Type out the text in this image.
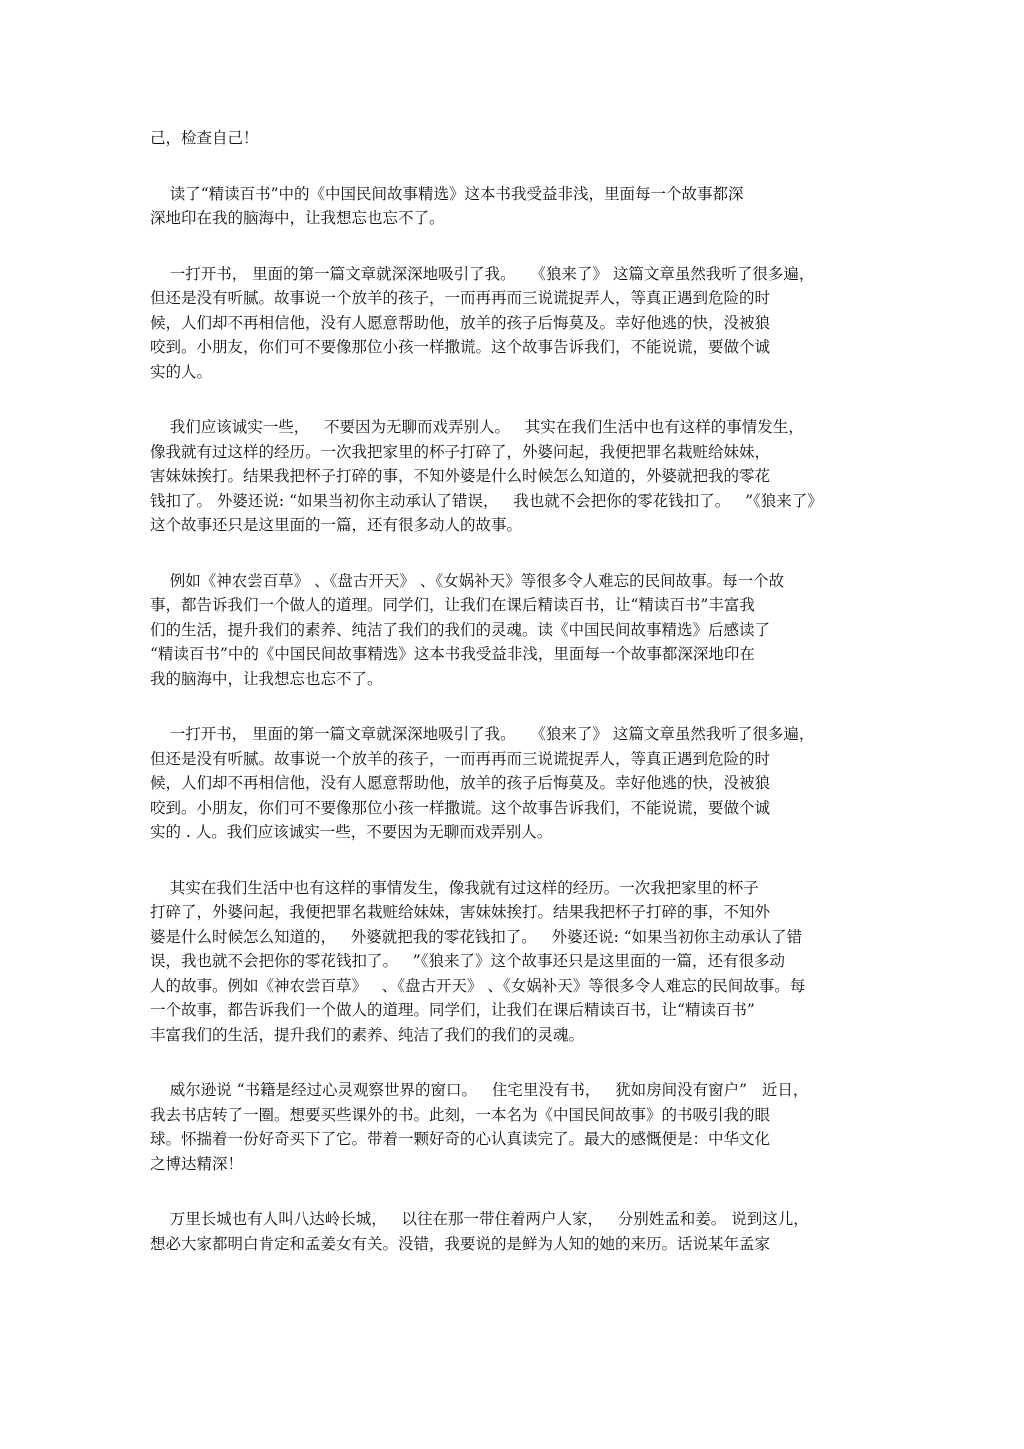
己，检查自己！
读了“精读百书”中的《中国民间故事精选》这本书我受益非浅，里面每一个故事都深
深地印在我的脑海中，让我想忘也忘不了。
一打开书， 里面的第一篇文章就深深地吸引了我。   《狼来了》 这篇文章虽然我听了很多遍，
但还是没有听腻。故事说一个放羊的孩子，一而再再而三说谎捉弄人，等真正遇到危险的时
候，人们却不再相信他，没有人愿意帮助他，放羊的孩子后悔莫及。幸好他逃的快，没被狼
咬到。小朋友，你们可不要像那位小孩一样撒谎。这个故事告诉我们，不能说谎，要做个诚
实的人。
我们应该诚实一些，   不要因为无聊而戏弄别人。   其实在我们生活中也有这样的事情发生，
像我就有过这样的经历。一次我把家里的杯子打碎了，外婆问起，我便把罪名栽赃给妹妹，
害妹妹挨打。结果我把杯子打碎的事，不知外婆是什么时候怎么知道的，外婆就把我的零花
钱扣了。 外婆还说: “如果当初你主动承认了错误，   我也就不会把你的零花钱扣了。   ”《狼来了》
这个故事还只是这里面的一篇，还有很多动人的故事。
例如《神农尝百草》 、《盘古开天》 、《女娲补天》等很多令人难忘的民间故事。每一个故
事，都告诉我们一个做人的道理。同学们，让我们在课后精读百书，让“精读百书”丰富我
们的生活，提升我们的素养、纯洁了我们的我们的灵魂。读《中国民间故事精选》后感读了
“精读百书”中的《中国民间故事精选》这本书我受益非浅，里面每一个故事都深深地印在
我的脑海中，让我想忘也忘不了。
一打开书， 里面的第一篇文章就深深地吸引了我。   《狼来了》 这篇文章虽然我听了很多遍，
但还是没有听腻。故事说一个放羊的孩子，一而再再而三说谎捉弄人，等真正遇到危险的时
候，人们却不再相信他，没有人愿意帮助他，放羊的孩子后悔莫及。幸好他逃的快，没被狼
咬到。小朋友，你们可不要像那位小孩一样撒谎。这个故事告诉我们，不能说谎，要做个诚
实的 . 人。我们应该诚实一些，不要因为无聊而戏弄别人。
其实在我们生活中也有这样的事情发生，像我就有过这样的经历。一次我把家里的杯子
打碎了，外婆问起，我便把罪名栽赃给妹妹，害妹妹挨打。结果我把杯子打碎的事，不知外
婆是什么时候怎么知道的，   外婆就把我的零花钱扣了。   外婆还说: “如果当初你主动承认了错
误，我也就不会把你的零花钱扣了。   ”《狼来了》这个故事还只是这里面的一篇，还有很多动
人的故事。例如《神农尝百草》   、《盘古开天》 、《女娲补天》等很多令人难忘的民间故事。每
一个故事，都告诉我们一个做人的道理。同学们，让我们在课后精读百书，让“精读百书”
丰富我们的生活，提升我们的素养、纯洁了我们的我们的灵魂。
威尔逊说 “书籍是经过心灵观察世界的窗口。   住宅里没有书，   犹如房间没有窗户”   近日，
我去书店转了一圈。想要买些课外的书。此刻，一本名为《中国民间故事》的书吸引我的眼
球。怀揣着一份好奇买下了它。带着一颗好奇的心认真读完了。最大的感慨便是：中华文化
之博达精深！
万里长城也有人叫八达岭长城，   以往在那一带住着两户人家，   分别姓孟和姜。 说到这儿，
想必大家都明白肯定和孟姜女有关。没错，我要说的是鲜为人知的她的来历。话说某年孟家
